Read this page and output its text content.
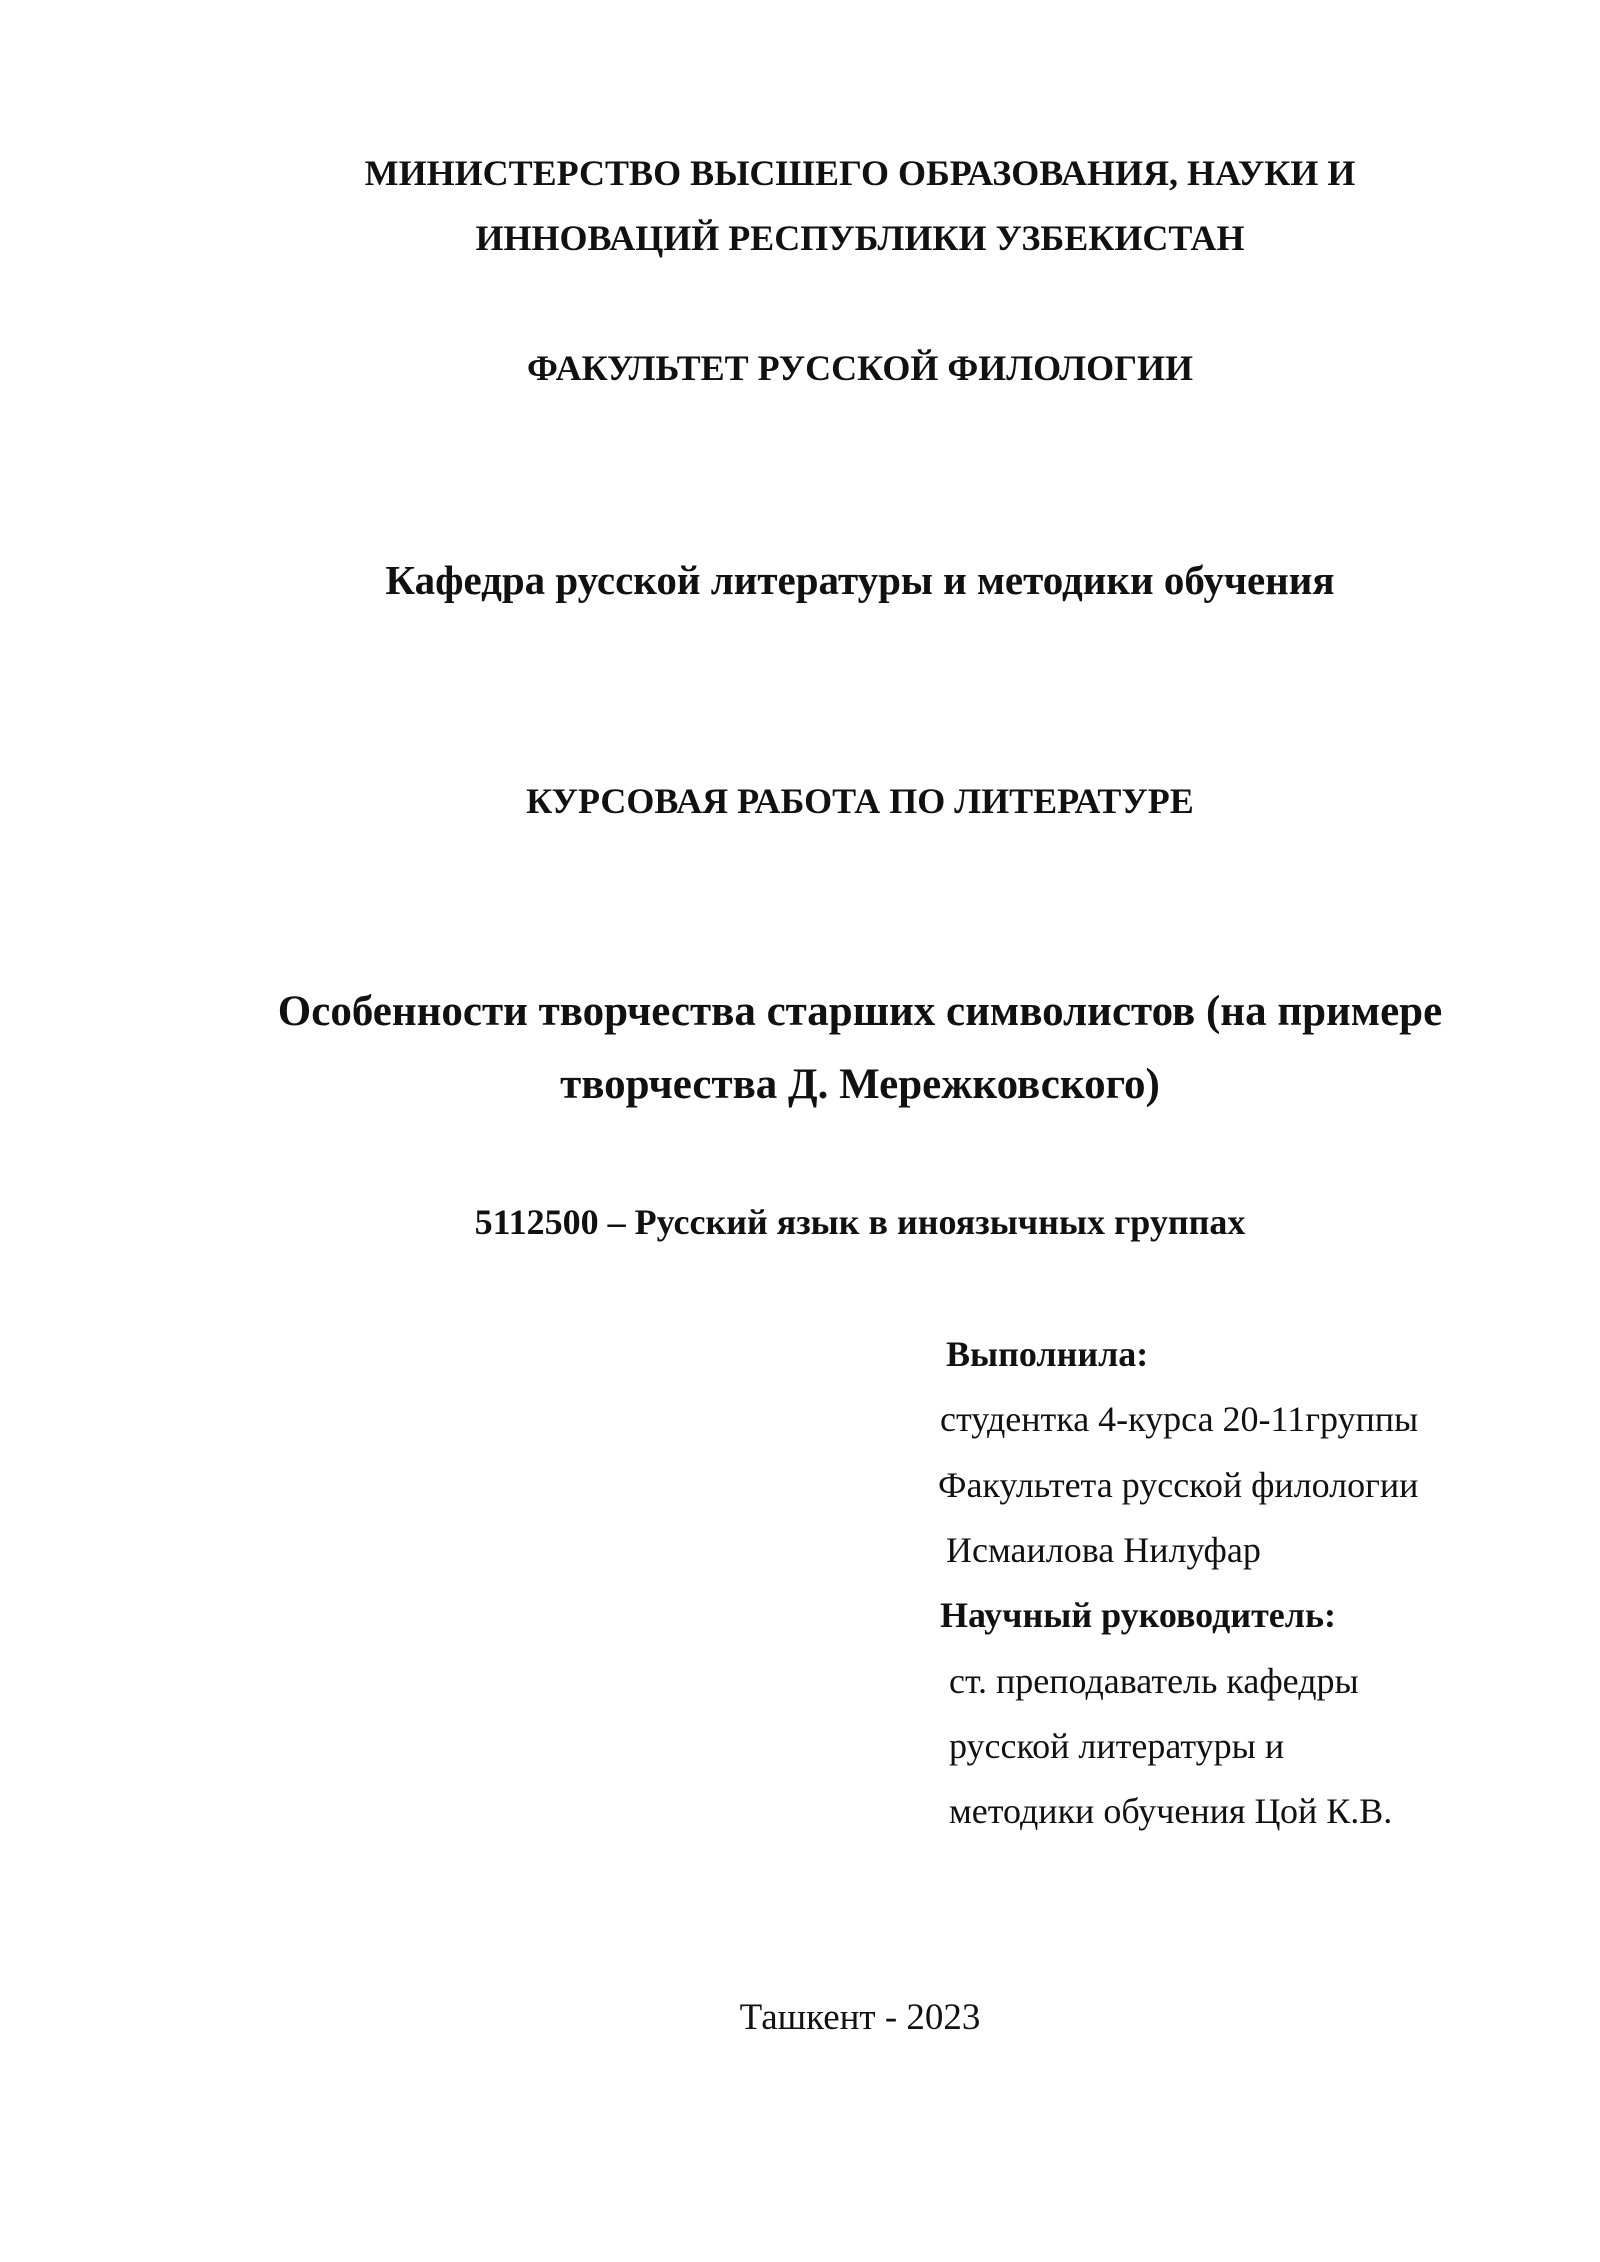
МИНИСТЕРСТВО ВЫСШЕГО ОБРАЗОВАНИЯ, НАУКИ И
ИННОВАЦИЙ РЕСПУБЛИКИ УЗБЕКИСТАН
ФАКУЛЬТЕТ РУССКОЙ ФИЛОЛОГИИ
Кафедра русской литературы и методики обучения
КУРСОВАЯ РАБОТА ПО ЛИТЕРАТУРЕ
Особенности творчества старших символистов (на примере
творчества Д. Мережковского)
5112500 – Русский язык в иноязычных группах
Выполнила:
студентка 4-курса 20-11группы
Факультета русской филологии
Исмаилова Нилуфар
Научный руководитель:
ст. преподаватель кафедры
русской литературы и
методики обучения Цой К.В.
Ташкент - 2023
